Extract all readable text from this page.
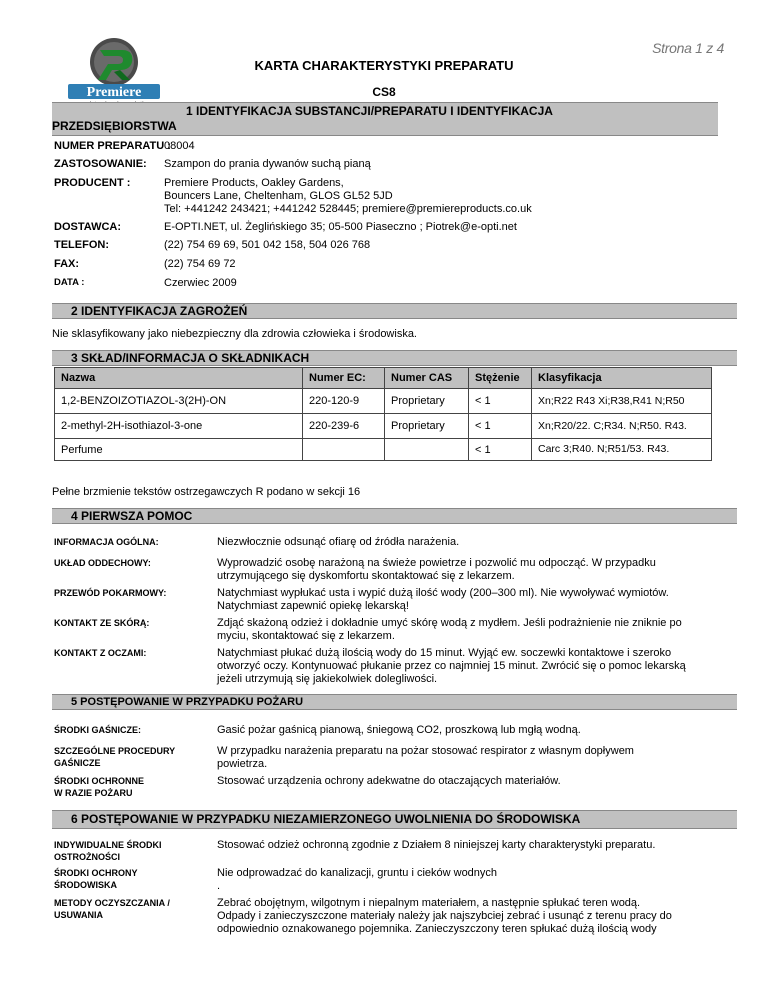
Strona 1 z 4
Premiere
KARTA CHARAKTERYSTYKI PREPARATU
CS8
1 IDENTYFIKACJA SUBSTANCJI/PREPARATU I IDENTYFIKACJA
PRZEDSIĘBIORSTWA
NUMER PREPARATU :
08004
ZASTOSOWANIE: Szampon do prania dywanów suchą pianą
PRODUCENT :	Premiere Products, Oakley Gardens,
Bouncers Lane, Cheltenham, GLOS GL52 5JD
Tel: +441242 243421; +441242 528445; premiere@premiereproducts.co.uk
DOSTAWCA:	E-OPTI.NET, ul. Żeglińskiego 35; 05-500 Piaseczno ; Piotrek@e-opti.net
TELEFON:	(22) 754 69 69, 501 042 158, 504 026 768
FAX:	(22) 754 69 72
DATA :	Czerwiec 2009
2 IDENTYFIKACJA ZAGROŻEŃ
Nie sklasyfikowany jako niebezpieczny dla zdrowia człowieka i środowiska.
3 SKŁAD/INFORMACJA O SKŁADNIKACH
Nazwa	Numer EC:	Numer CAS	Stężenie	Klasyfikacja
1,2-BENZOIZOTIAZOL-3(2H)-ON	220-120-9	Proprietary	< 1	Xn;R22 R43 Xi;R38,R41 N;R50
2-methyl-2H-isothiazol-3-one	220-239-6	Proprietary	< 1	Xn;R20/22. C;R34. N;R50. R43.
Perfume			< 1	Carc 3;R40. N;R51/53. R43.
Pełne brzmienie tekstów ostrzegawczych R podano w sekcji 16
4 PIERWSZA POMOC
INFORMACJA OGÓLNA:	Niezwłocznie odsunąć ofiarę od źródła narażenia.
UKŁAD ODDECHOWY:	Wyprowadzić osobę narażoną na świeże powietrze i pozwolić mu odpocząć. W przypadku
utrzymującego się dyskomfortu skontaktować się z lekarzem.
PRZEWÓD POKARMOWY:	Natychmiast wypłukać usta i wypić dużą ilość wody (200–300 ml). Nie wywoływać wymiotów.
Natychmiast zapewnić opiekę lekarską!
KONTAKT ZE SKÓRĄ:	Zdjąć skażoną odzież i dokładnie umyć skórę wodą z mydłem. Jeśli podrażnienie nie zniknie po
myciu, skontaktować się z lekarzem.
KONTAKT Z OCZAMI:	Natychmiast płukać dużą ilością wody do 15 minut. Wyjąć ew. soczewki kontaktowe i szeroko
otworzyć oczy. Kontynuować płukanie przez co najmniej 15 minut. Zwrócić się o pomoc lekarską
jeżeli utrzymują się jakiekolwiek dolegliwości.
5 POSTĘPOWANIE W PRZYPADKU POŻARU
ŚRODKI GAŚNICZE:	Gasić pożar gaśnicą pianową, śniegową CO2, proszkową lub mgłą wodną.
SZCZEGÓLNE PROCEDURY
GAŚNICZE
W przypadku narażenia preparatu na pożar stosować respirator z własnym dopływem
powietrza.
ŚRODKI OCHRONNE
W RAZIE POŻARU
Stosować urządzenia ochrony adekwatne do otaczających materiałów.
6 POSTĘPOWANIE W PRZYPADKU NIEZAMIERZONEGO UWOLNIENIA DO ŚRODOWISKA
INDYWIDUALNE ŚRODKI
OSTROŻNOŚCI
Stosować odzież ochronną zgodnie z Działem 8 niniejszej karty charakterystyki preparatu.
ŚRODKI OCHRONY
ŚRODOWISKA
Nie odprowadzać do kanalizacji, gruntu i cieków wodnych
.
METODY OCZYSZCZANIA /
USUWANIA
Zebrać obojętnym, wilgotnym i niepalnym materiałem, a następnie spłukać teren wodą.
Odpady i zanieczyszczone materiały należy jak najszybciej zebrać i usunąć z terenu pracy do
odpowiednio oznakowanego pojemnika. Zanieczyszczony teren spłukać dużą ilością wody
